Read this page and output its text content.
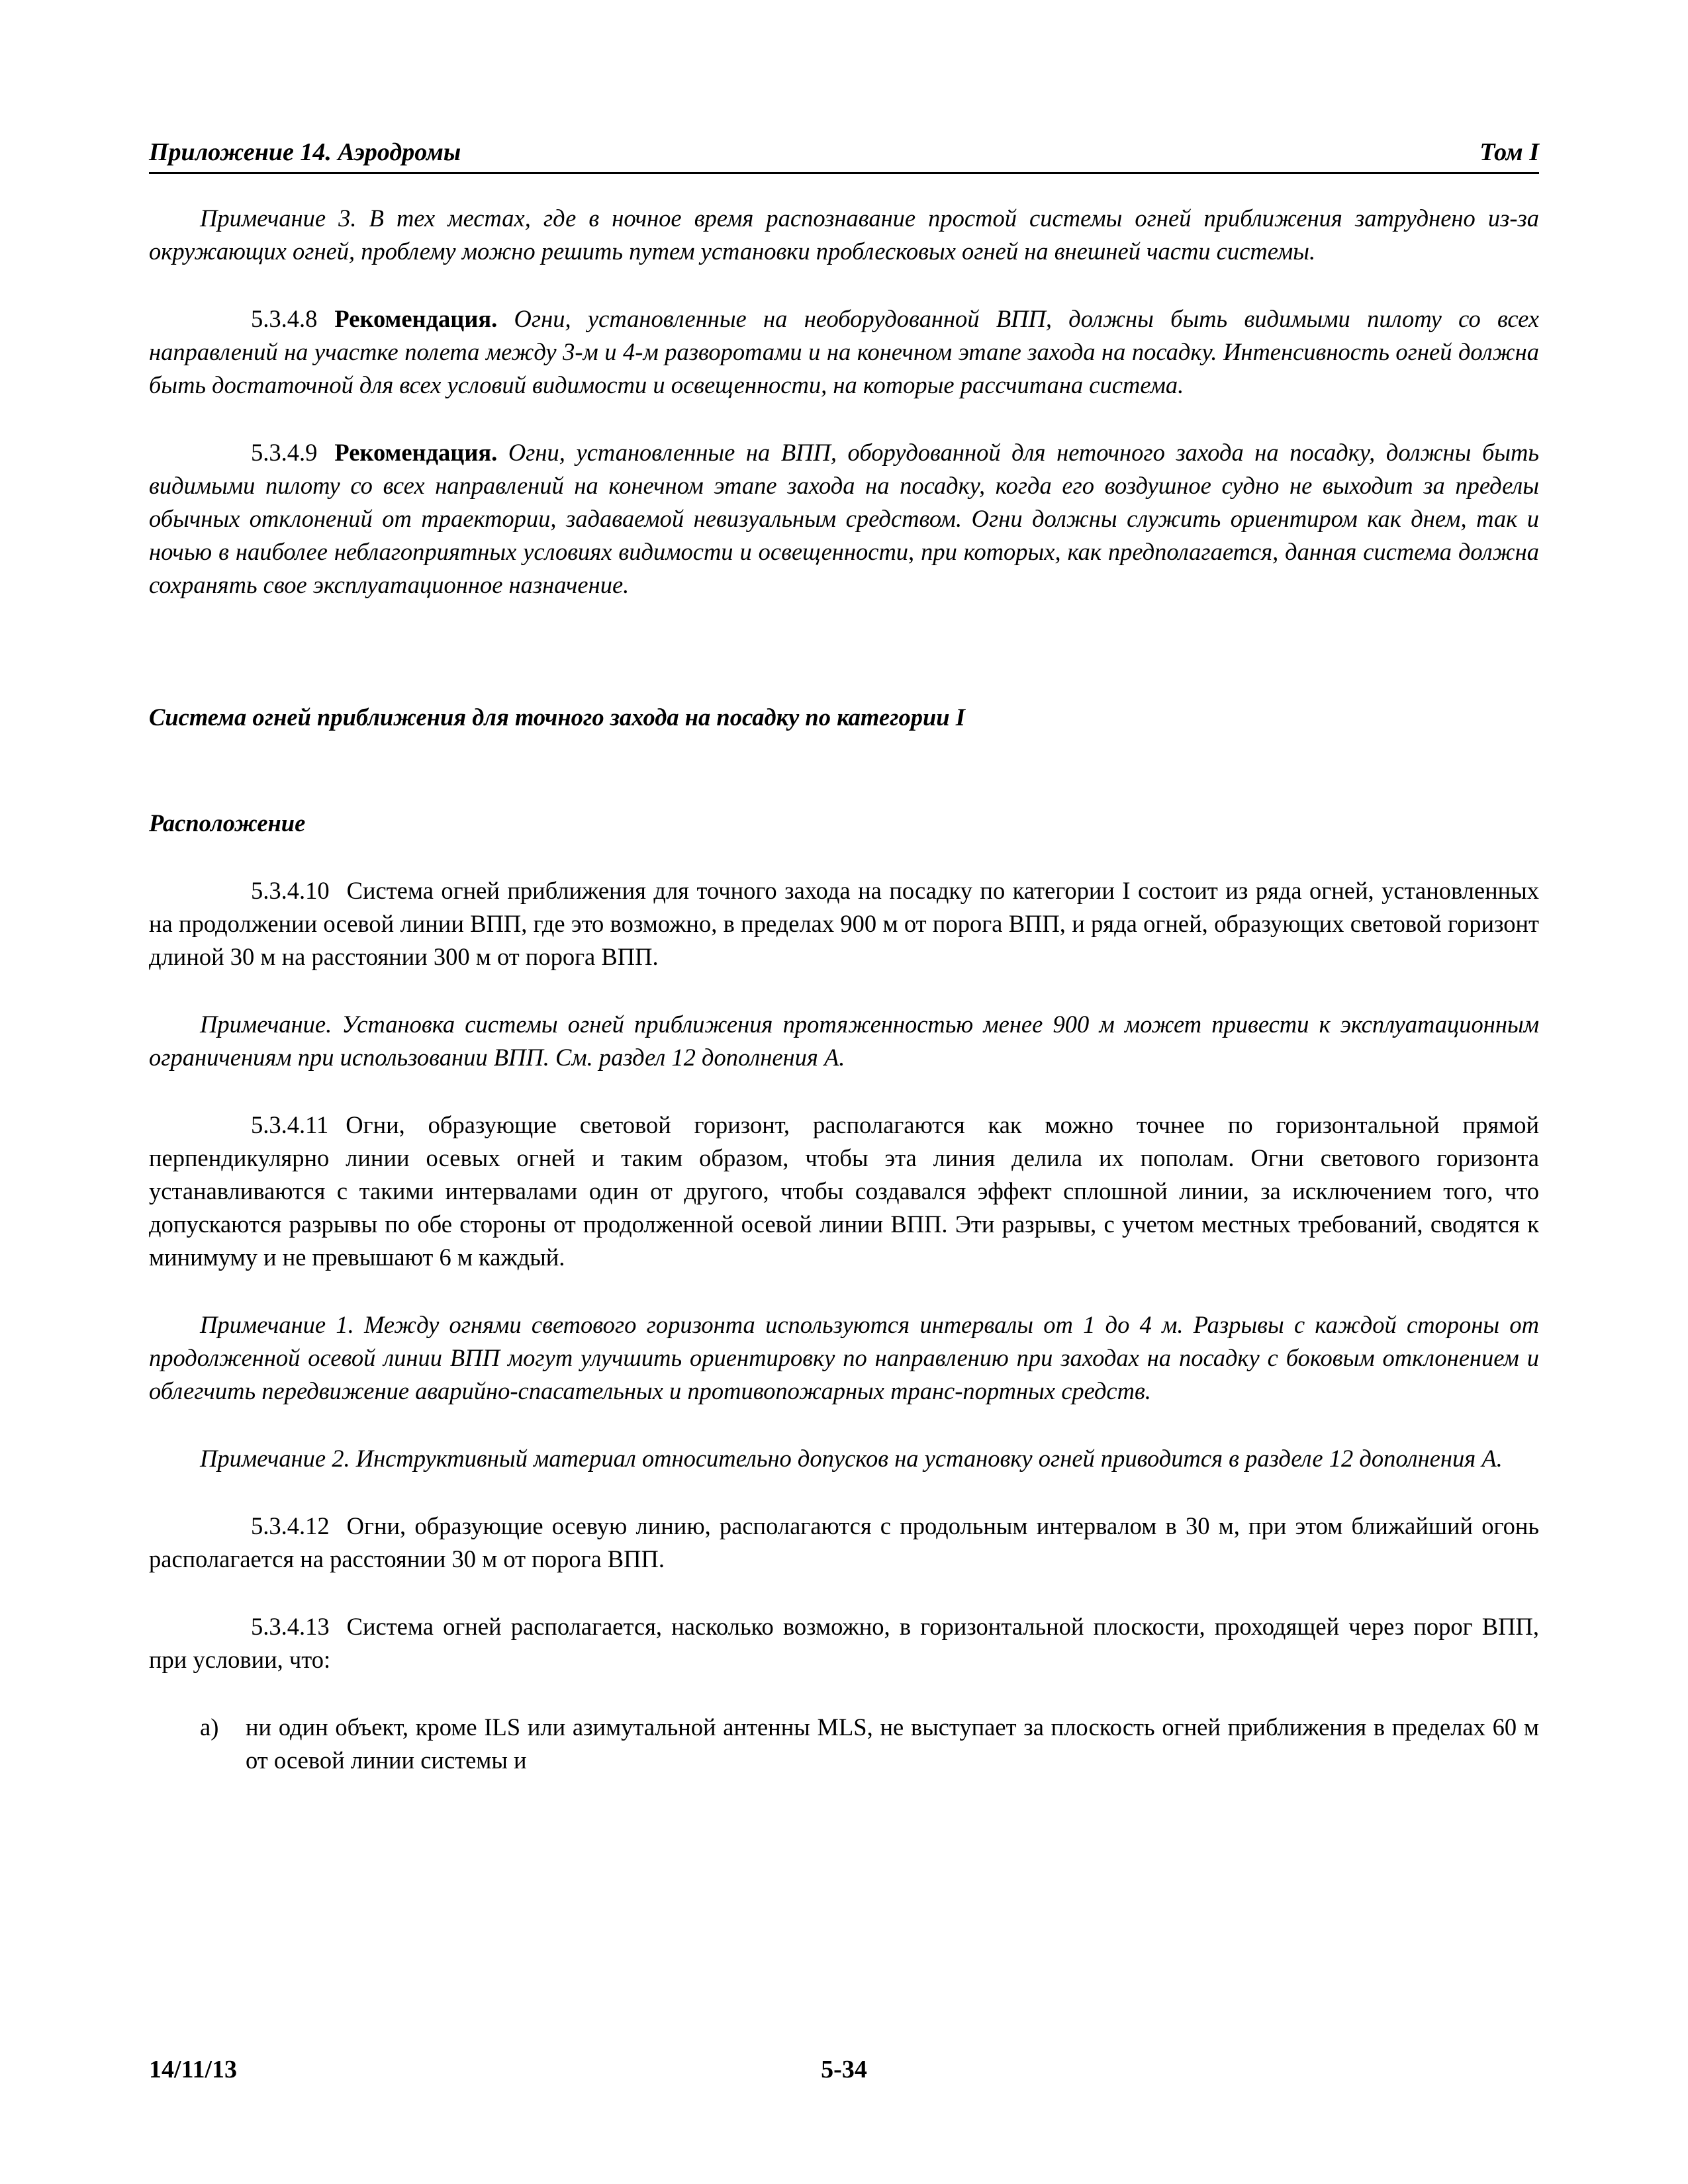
Приложение 14. Аэродромы	Том I

Примечание 3. В тех местах, где в ночное время распознавание простой системы огней приближения затруднено из-за окружающих огней, проблему можно решить путем установки проблесковых огней на внешней части системы.

5.3.4.8 Рекомендация. Огни, установленные на необорудованной ВПП, должны быть видимыми пилоту со всех направлений на участке полета между 3-м и 4-м разворотами и на конечном этапе захода на посадку. Интенсивность огней должна быть достаточной для всех условий видимости и освещенности, на которые рассчитана система.

5.3.4.9 Рекомендация. Огни, установленные на ВПП, оборудованной для неточного захода на посадку, должны быть видимыми пилоту со всех направлений на конечном этапе захода на посадку, когда его воздушное судно не выходит за пределы обычных отклонений от траектории, задаваемой невизуальным средством. Огни должны служить ориентиром как днем, так и ночью в наиболее неблагоприятных условиях видимости и освещенности, при которых, как предполагается, данная система должна сохранять свое эксплуатационное назначение.

Система огней приближения для точного захода на посадку по категории I

Расположение

5.3.4.10 Система огней приближения для точного захода на посадку по категории I состоит из ряда огней, установленных на продолжении осевой линии ВПП, где это возможно, в пределах 900 м от порога ВПП, и ряда огней, образующих световой горизонт длиной 30 м на расстоянии 300 м от порога ВПП.

Примечание. Установка системы огней приближения протяженностью менее 900 м может привести к эксплуатационным ограничениям при использовании ВПП. См. раздел 12 дополнения А.

5.3.4.11 Огни, образующие световой горизонт, располагаются как можно точнее по горизонтальной прямой перпендикулярно линии осевых огней и таким образом, чтобы эта линия делила их пополам. Огни светового горизонта устанавливаются с такими интервалами один от другого, чтобы создавался эффект сплошной линии, за исключением того, что допускаются разрывы по обе стороны от продолженной осевой линии ВПП. Эти разрывы, с учетом местных требований, сводятся к минимуму и не превышают 6 м каждый.

Примечание 1. Между огнями светового горизонта используются интервалы от 1 до 4 м. Разрывы с каждой стороны от продолженной осевой линии ВПП могут улучшить ориентировку по направлению при заходах на посадку с боковым отклонением и облегчить передвижение аварийно-спасательных и противопожарных транс-портных средств.

Примечание 2. Инструктивный материал относительно допусков на установку огней приводится в разделе 12 дополнения А.

5.3.4.12 Огни, образующие осевую линию, располагаются с продольным интервалом в 30 м, при этом ближайший огонь располагается на расстоянии 30 м от порога ВПП.

5.3.4.13 Система огней располагается, насколько возможно, в горизонтальной плоскости, проходящей через порог ВПП, при условии, что:

a) ни один объект, кроме ILS или азимутальной антенны MLS, не выступает за плоскость огней приближения в пределах 60 м от осевой линии системы и

14/11/13	5-34
